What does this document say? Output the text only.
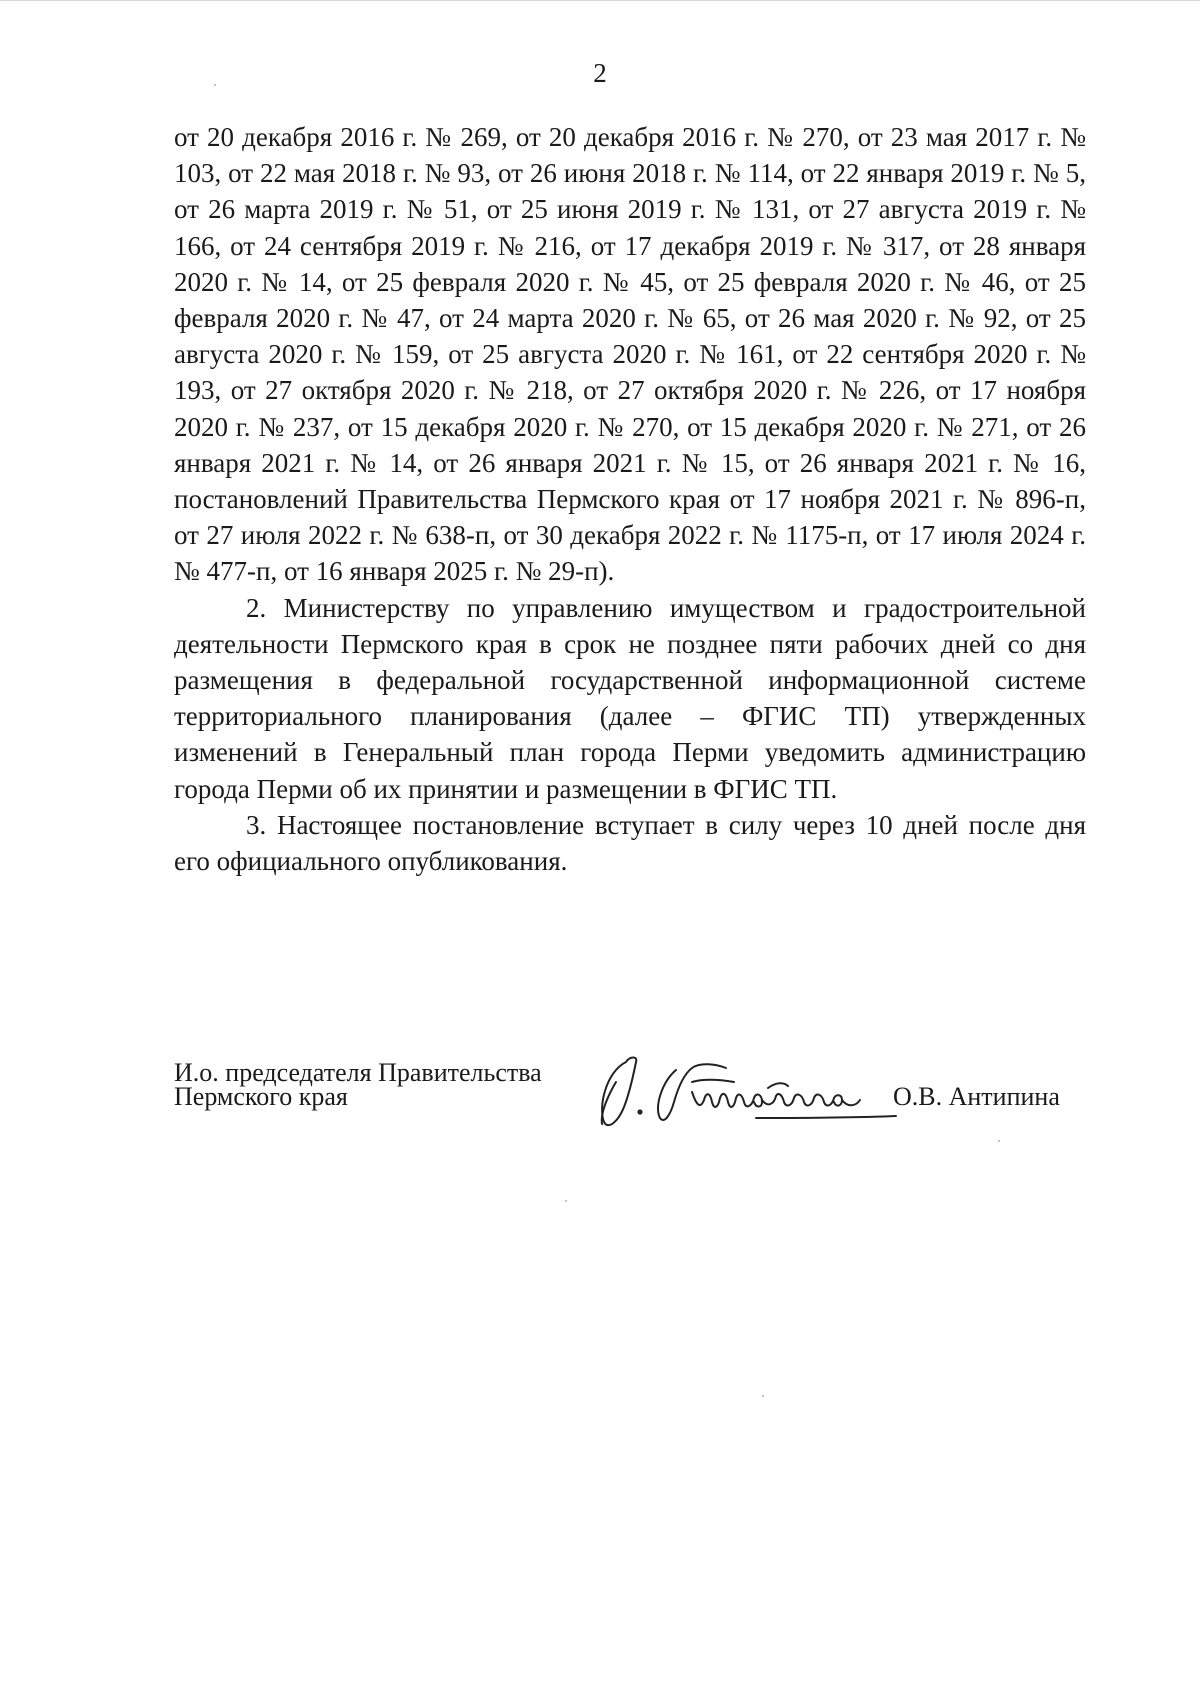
2

от 20 декабря 2016 г. № 269, от 20 декабря 2016 г. № 270, от 23 мая 2017 г. № 103, от 22 мая 2018 г. № 93, от 26 июня 2018 г. № 114, от 22 января 2019 г. № 5, от 26 марта 2019 г. № 51, от 25 июня 2019 г. № 131, от 27 августа 2019 г. № 166, от 24 сентября 2019 г. № 216, от 17 декабря 2019 г. № 317, от 28 января 2020 г. № 14, от 25 февраля 2020 г. № 45, от 25 февраля 2020 г. № 46, от 25 февраля 2020 г. № 47, от 24 марта 2020 г. № 65, от 26 мая 2020 г. № 92, от 25 августа 2020 г. № 159, от 25 августа 2020 г. № 161, от 22 сентября 2020 г. № 193, от 27 октября 2020 г. № 218, от 27 октября 2020 г. № 226, от 17 ноября 2020 г. № 237, от 15 декабря 2020 г. № 270, от 15 декабря 2020 г. № 271, от 26 января 2021 г. № 14, от 26 января 2021 г. № 15, от 26 января 2021 г. № 16, постановлений Правительства Пермского края от 17 ноября 2021 г. № 896-п, от 27 июля 2022 г. № 638-п, от 30 декабря 2022 г. № 1175-п, от 17 июля 2024 г. № 477-п, от 16 января 2025 г. № 29-п).

2. Министерству по управлению имуществом и градостроительной деятельности Пермского края в срок не позднее пяти рабочих дней со дня размещения в федеральной государственной информационной системе территориального планирования (далее – ФГИС ТП) утвержденных изменений в Генеральный план города Перми уведомить администрацию города Перми об их принятии и размещении в ФГИС ТП.

3. Настоящее постановление вступает в силу через 10 дней после дня его официального опубликования.

И.о. председателя Правительства
Пермского края	О.В. Антипина
